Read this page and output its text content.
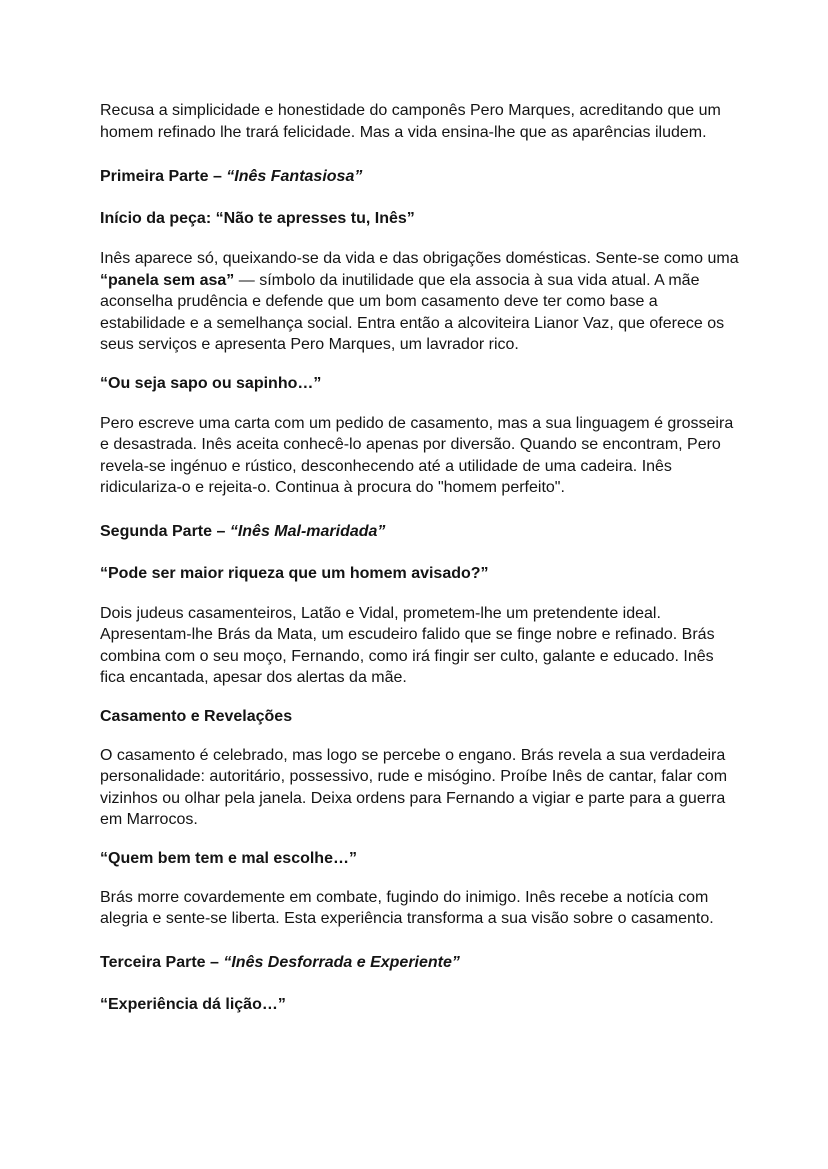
Recusa a simplicidade e honestidade do camponês Pero Marques, acreditando que um homem refinado lhe trará felicidade. Mas a vida ensina-lhe que as aparências iludem.

Primeira Parte – “Inês Fantasiosa”

Início da peça: “Não te apresses tu, Inês”

Inês aparece só, queixando-se da vida e das obrigações domésticas. Sente-se como uma “panela sem asa” — símbolo da inutilidade que ela associa à sua vida atual. A mãe aconselha prudência e defende que um bom casamento deve ter como base a estabilidade e a semelhança social. Entra então a alcoviteira Lianor Vaz, que oferece os seus serviços e apresenta Pero Marques, um lavrador rico.

“Ou seja sapo ou sapinho…”

Pero escreve uma carta com um pedido de casamento, mas a sua linguagem é grosseira e desastrada. Inês aceita conhecê-lo apenas por diversão. Quando se encontram, Pero revela-se ingénuo e rústico, desconhecendo até a utilidade de uma cadeira. Inês ridiculariza-o e rejeita-o. Continua à procura do "homem perfeito".

Segunda Parte – “Inês Mal-maridada”

“Pode ser maior riqueza que um homem avisado?”

Dois judeus casamenteiros, Latão e Vidal, prometem-lhe um pretendente ideal. Apresentam-lhe Brás da Mata, um escudeiro falido que se finge nobre e refinado. Brás combina com o seu moço, Fernando, como irá fingir ser culto, galante e educado. Inês fica encantada, apesar dos alertas da mãe.

Casamento e Revelações

O casamento é celebrado, mas logo se percebe o engano. Brás revela a sua verdadeira personalidade: autoritário, possessivo, rude e misógino. Proíbe Inês de cantar, falar com vizinhos ou olhar pela janela. Deixa ordens para Fernando a vigiar e parte para a guerra em Marrocos.

“Quem bem tem e mal escolhe…”

Brás morre covardemente em combate, fugindo do inimigo. Inês recebe a notícia com alegria e sente-se liberta. Esta experiência transforma a sua visão sobre o casamento.

Terceira Parte – “Inês Desforrada e Experiente”

“Experiência dá lição…”
